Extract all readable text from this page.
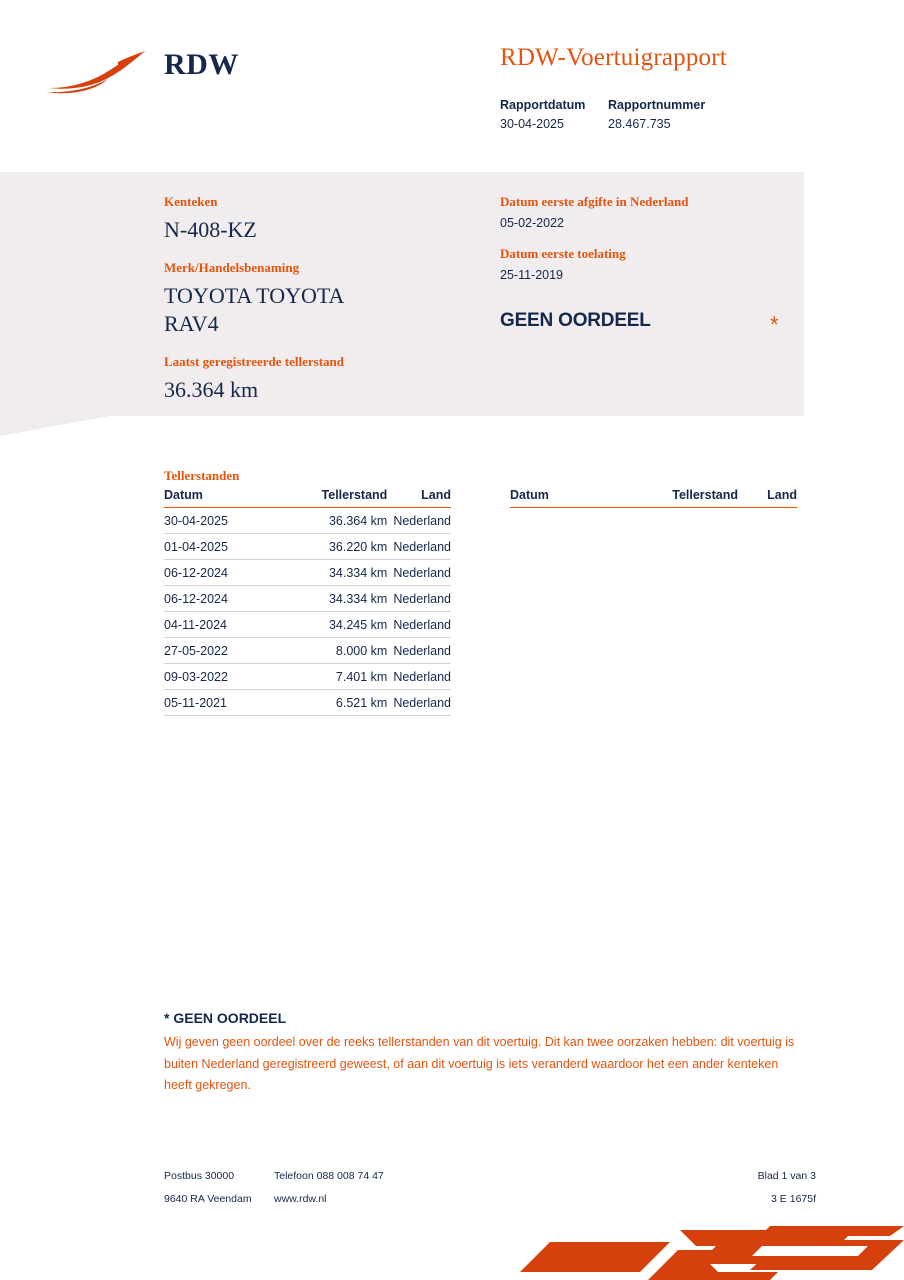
RDW	RDW-Voertuigrapport
Rapportdatum	Rapportnummer
30-04-2025	28.467.735
Kenteken
N-408-KZ
Merk/Handelsbenaming
TOYOTA TOYOTA
RAV4
Laatst geregistreerde tellerstand
36.364 km
Datum eerste afgifte in Nederland
05-02-2022
Datum eerste toelating
25-11-2019
GEEN OORDEEL	*
Tellerstanden
Datum	Tellerstand	Land
30-04-2025	36.364 km	Nederland
01-04-2025	36.220 km	Nederland
06-12-2024	34.334 km	Nederland
06-12-2024	34.334 km	Nederland
04-11-2024	34.245 km	Nederland
27-05-2022	8.000 km	Nederland
09-03-2022	7.401 km	Nederland
05-11-2021	6.521 km	Nederland
Datum	Tellerstand	Land
* GEEN OORDEEL
Wij geven geen oordeel over de reeks tellerstanden van dit voertuig. Dit kan twee oorzaken hebben: dit voertuig is buiten Nederland geregistreerd geweest, of aan dit voertuig is iets veranderd waardoor het een ander kenteken heeft gekregen.
Postbus 30000	Telefoon 088 008 74 47	Blad 1 van 3
9640 RA Veendam www.rdw.nl	3 E 1675f
